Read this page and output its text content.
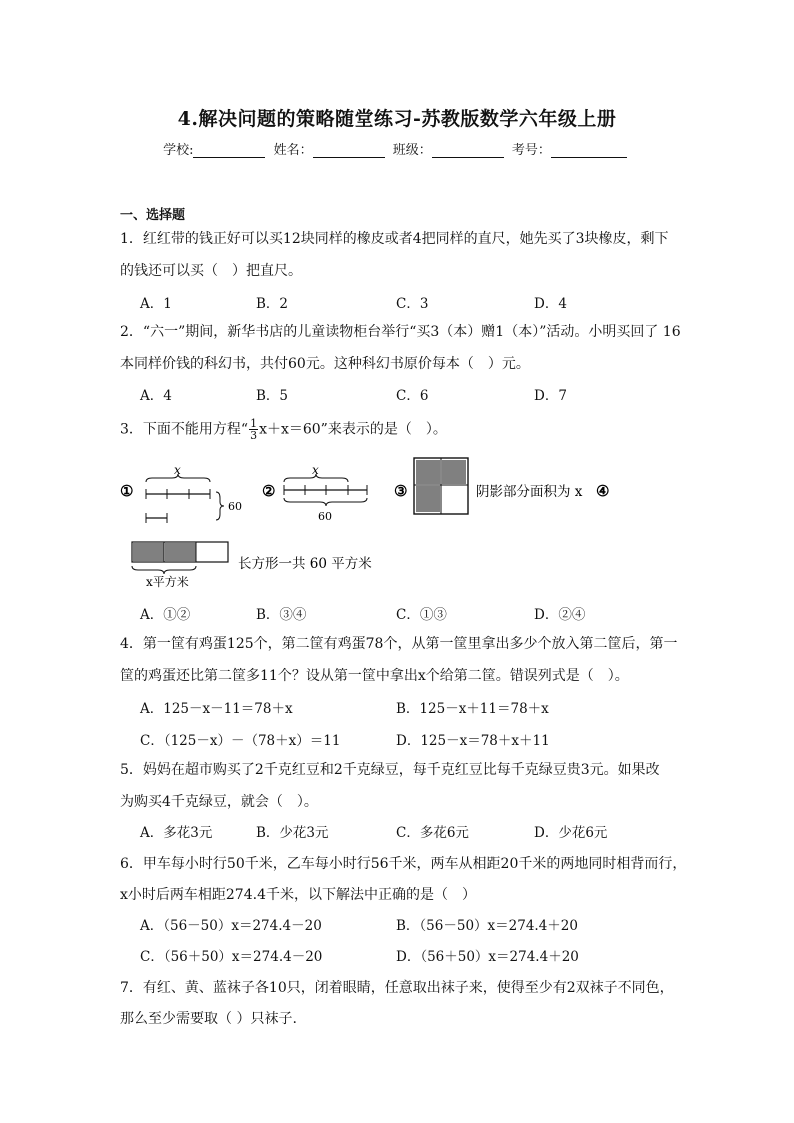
4.解决问题的策略随堂练习-苏教版数学六年级上册
学校:	姓名：	班级：	考号：
一、选择题
1．红红带的钱正好可以买12块同样的橡皮或者4把同样的直尺，她先买了3块橡皮，剩下
的钱还可以买（　）把直尺。
A．1	B．2	C．3	D．4
2．“六一”期间，新华书店的儿童读物柜台举行“买3（本）赠1（本）”活动。小明买回了 16
本同样价钱的科幻书，共付60元。这种科幻书原价每本（　）元。
A．4	B．5	C．6	D．7
3．下面不能用方程“ $\frac{1}{3} x+x=60$”来表示的是（　）。
①
x
60
②
x
60
③	阴影部分面积为 x ④
x平方米
长方形一共 60 平方米
A．①②	B．③④	C．①③	D．②④
4．第一筐有鸡蛋125个，第二筐有鸡蛋78个，从第一筐里拿出多少个放入第二筐后，第一
筐的鸡蛋还比第二筐多11个？设从第一筐中拿出x个给第二筐。错误列式是（　）。
A．125－x－11＝78＋x	B．125－x＋11＝78＋x
C．（125－x）－（78＋x）＝11	D．125－x＝78＋x＋11
5．妈妈在超市购买了2千克红豆和2千克绿豆，每千克红豆比每千克绿豆贵3元。如果改
为购买4千克绿豆，就会（　）。
A．多花3元	B．少花3元	C．多花6元	D．少花6元
6．甲车每小时行50千米，乙车每小时行56千米，两车从相距20千米的两地同时相背而行，
x小时后两车相距274.4千米，以下解法中正确的是（　）
A．（56－50）x＝274.4－20	B．（56－50）x＝274.4＋20
C．（56＋50）x＝274.4－20	D．（56＋50）x＝274.4＋20
7．有红、黄、蓝袜子各10只，闭着眼睛，任意取出袜子来，使得至少有2双袜子不同色，
那么至少需要取（ ）只袜子.
